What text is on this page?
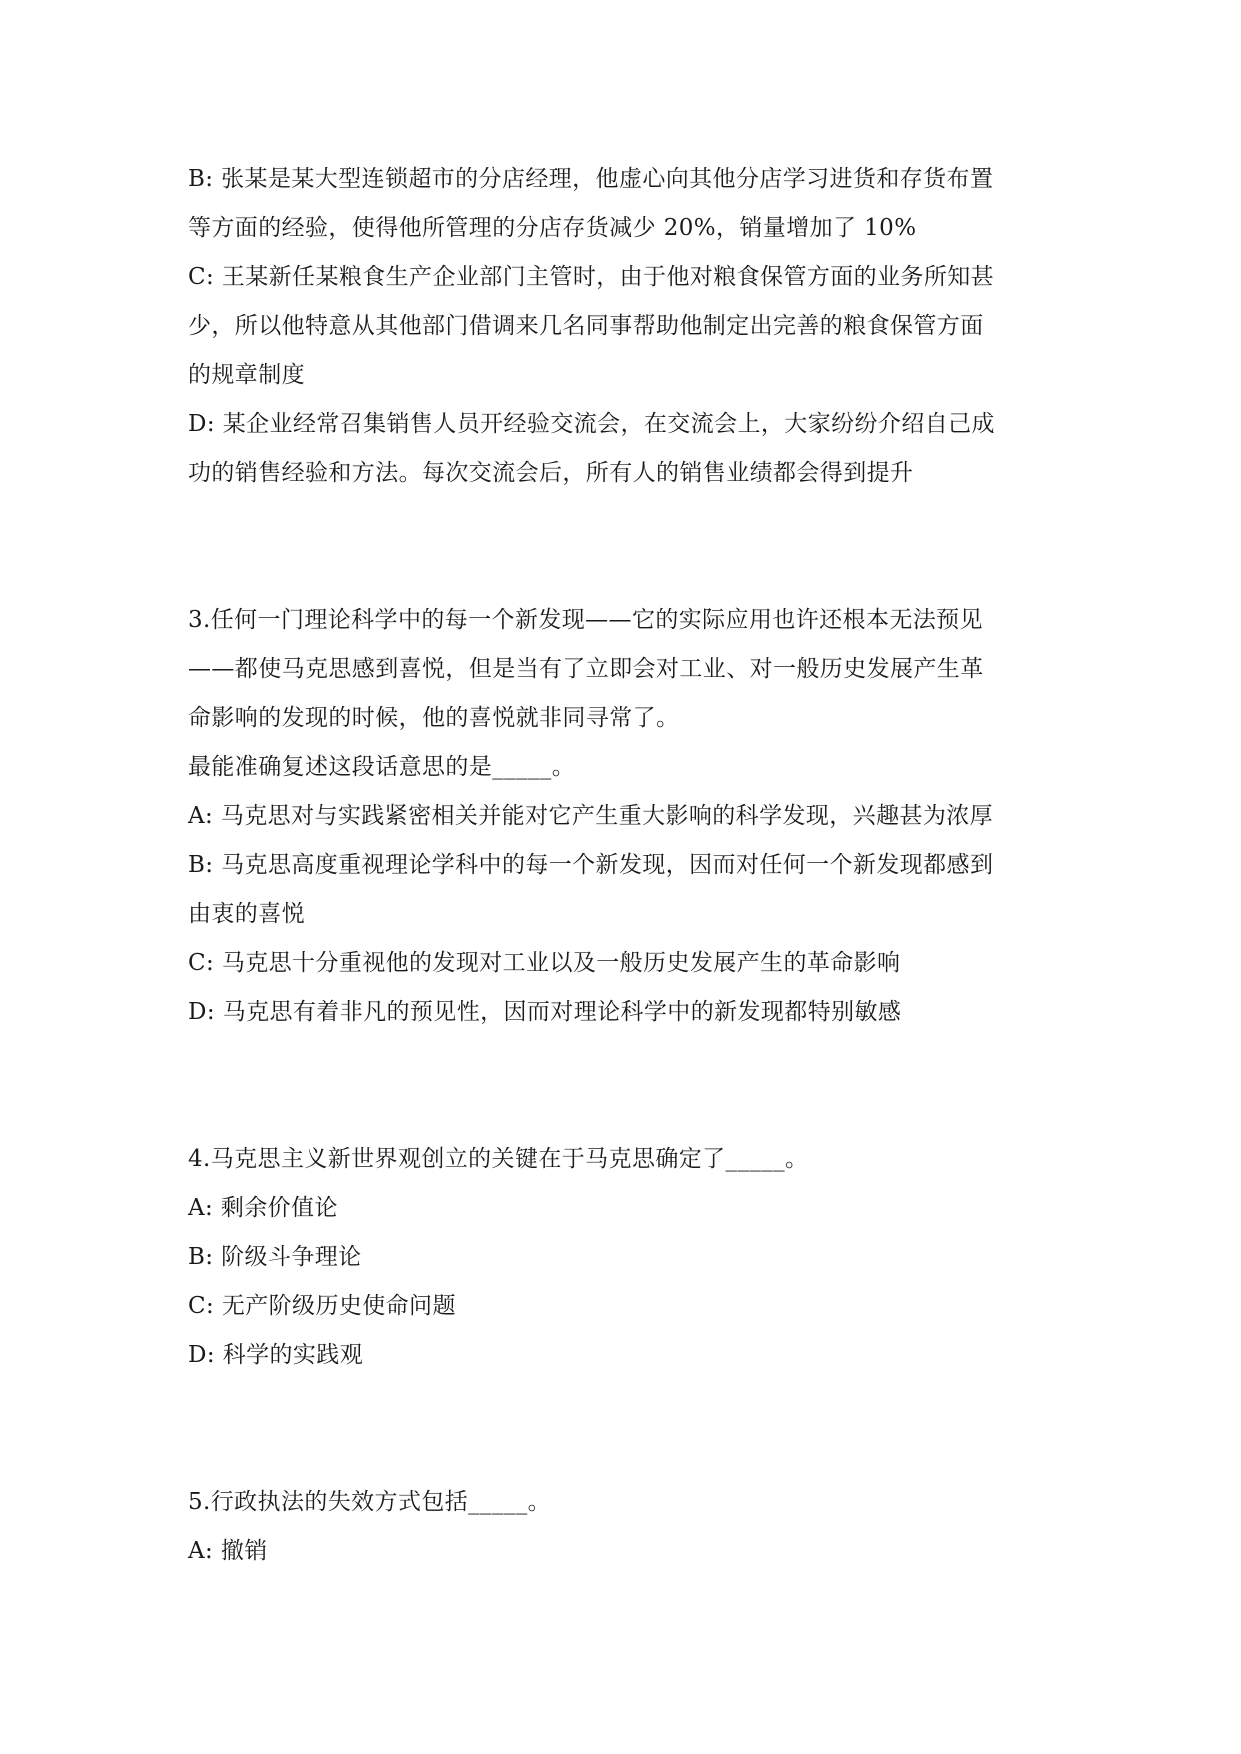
B: 张某是某大型连锁超市的分店经理，他虚心向其他分店学习进货和存货布置
等方面的经验，使得他所管理的分店存货减少 20%，销量增加了 10%
C: 王某新任某粮食生产企业部门主管时，由于他对粮食保管方面的业务所知甚
少，所以他特意从其他部门借调来几名同事帮助他制定出完善的粮食保管方面
的规章制度
D: 某企业经常召集销售人员开经验交流会，在交流会上，大家纷纷介绍自己成
功的销售经验和方法。每次交流会后，所有人的销售业绩都会得到提升
3.任何一门理论科学中的每一个新发现——它的实际应用也许还根本无法预见
——都使马克思感到喜悦，但是当有了立即会对工业、对一般历史发展产生革
命影响的发现的时候，他的喜悦就非同寻常了。
最能准确复述这段话意思的是_____。
A: 马克思对与实践紧密相关并能对它产生重大影响的科学发现，兴趣甚为浓厚
B: 马克思高度重视理论学科中的每一个新发现，因而对任何一个新发现都感到
由衷的喜悦
C: 马克思十分重视他的发现对工业以及一般历史发展产生的革命影响
D: 马克思有着非凡的预见性，因而对理论科学中的新发现都特别敏感
4.马克思主义新世界观创立的关键在于马克思确定了_____。
A: 剩余价值论
B: 阶级斗争理论
C: 无产阶级历史使命问题
D: 科学的实践观
5.行政执法的失效方式包括_____。
A: 撤销
